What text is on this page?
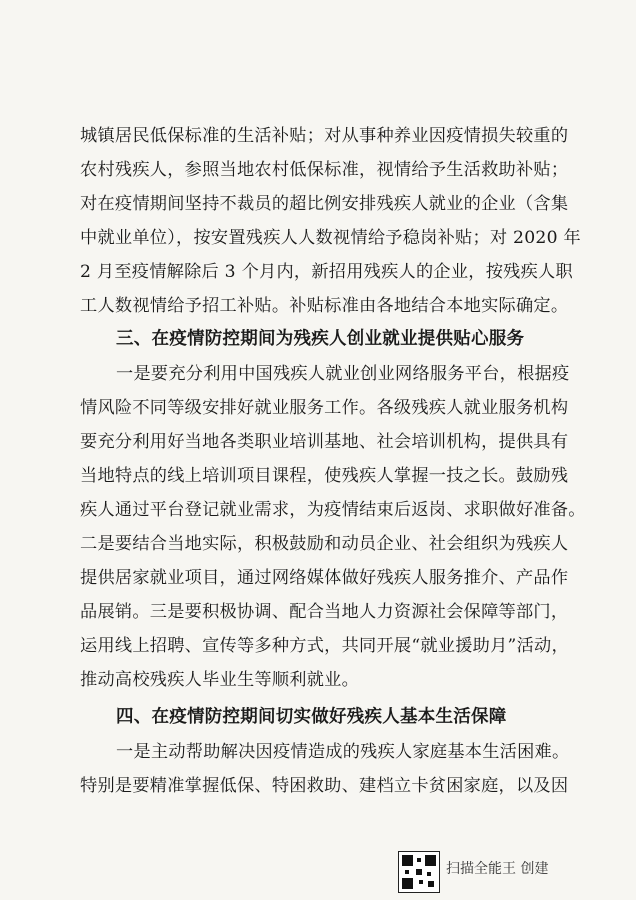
城镇居民低保标准的生活补贴；对从事种养业因疫情损失较重的

农村残疾人，参照当地农村低保标准，视情给予生活救助补贴；

对在疫情期间坚持不裁员的超比例安排残疾人就业的企业（含集

中就业单位），按安置残疾人人数视情给予稳岗补贴；对 2020 年

2 月至疫情解除后 3 个月内，新招用残疾人的企业，按残疾人职

工人数视情给予招工补贴。补贴标准由各地结合本地实际确定。

三、在疫情防控期间为残疾人创业就业提供贴心服务

一是要充分利用中国残疾人就业创业网络服务平台，根据疫

情风险不同等级安排好就业服务工作。各级残疾人就业服务机构

要充分利用好当地各类职业培训基地、社会培训机构，提供具有

当地特点的线上培训项目课程，使残疾人掌握一技之长。鼓励残

疾人通过平台登记就业需求，为疫情结束后返岗、求职做好准备。

二是要结合当地实际，积极鼓励和动员企业、社会组织为残疾人

提供居家就业项目，通过网络媒体做好残疾人服务推介、产品作

品展销。三是要积极协调、配合当地人力资源社会保障等部门，

运用线上招聘、宣传等多种方式，共同开展“就业援助月”活动，

推动高校残疾人毕业生等顺利就业。

四、在疫情防控期间切实做好残疾人基本生活保障

一是主动帮助解决因疫情造成的残疾人家庭基本生活困难。

特别是要精准掌握低保、特困救助、建档立卡贫困家庭，以及因

扫描全能王 创建
